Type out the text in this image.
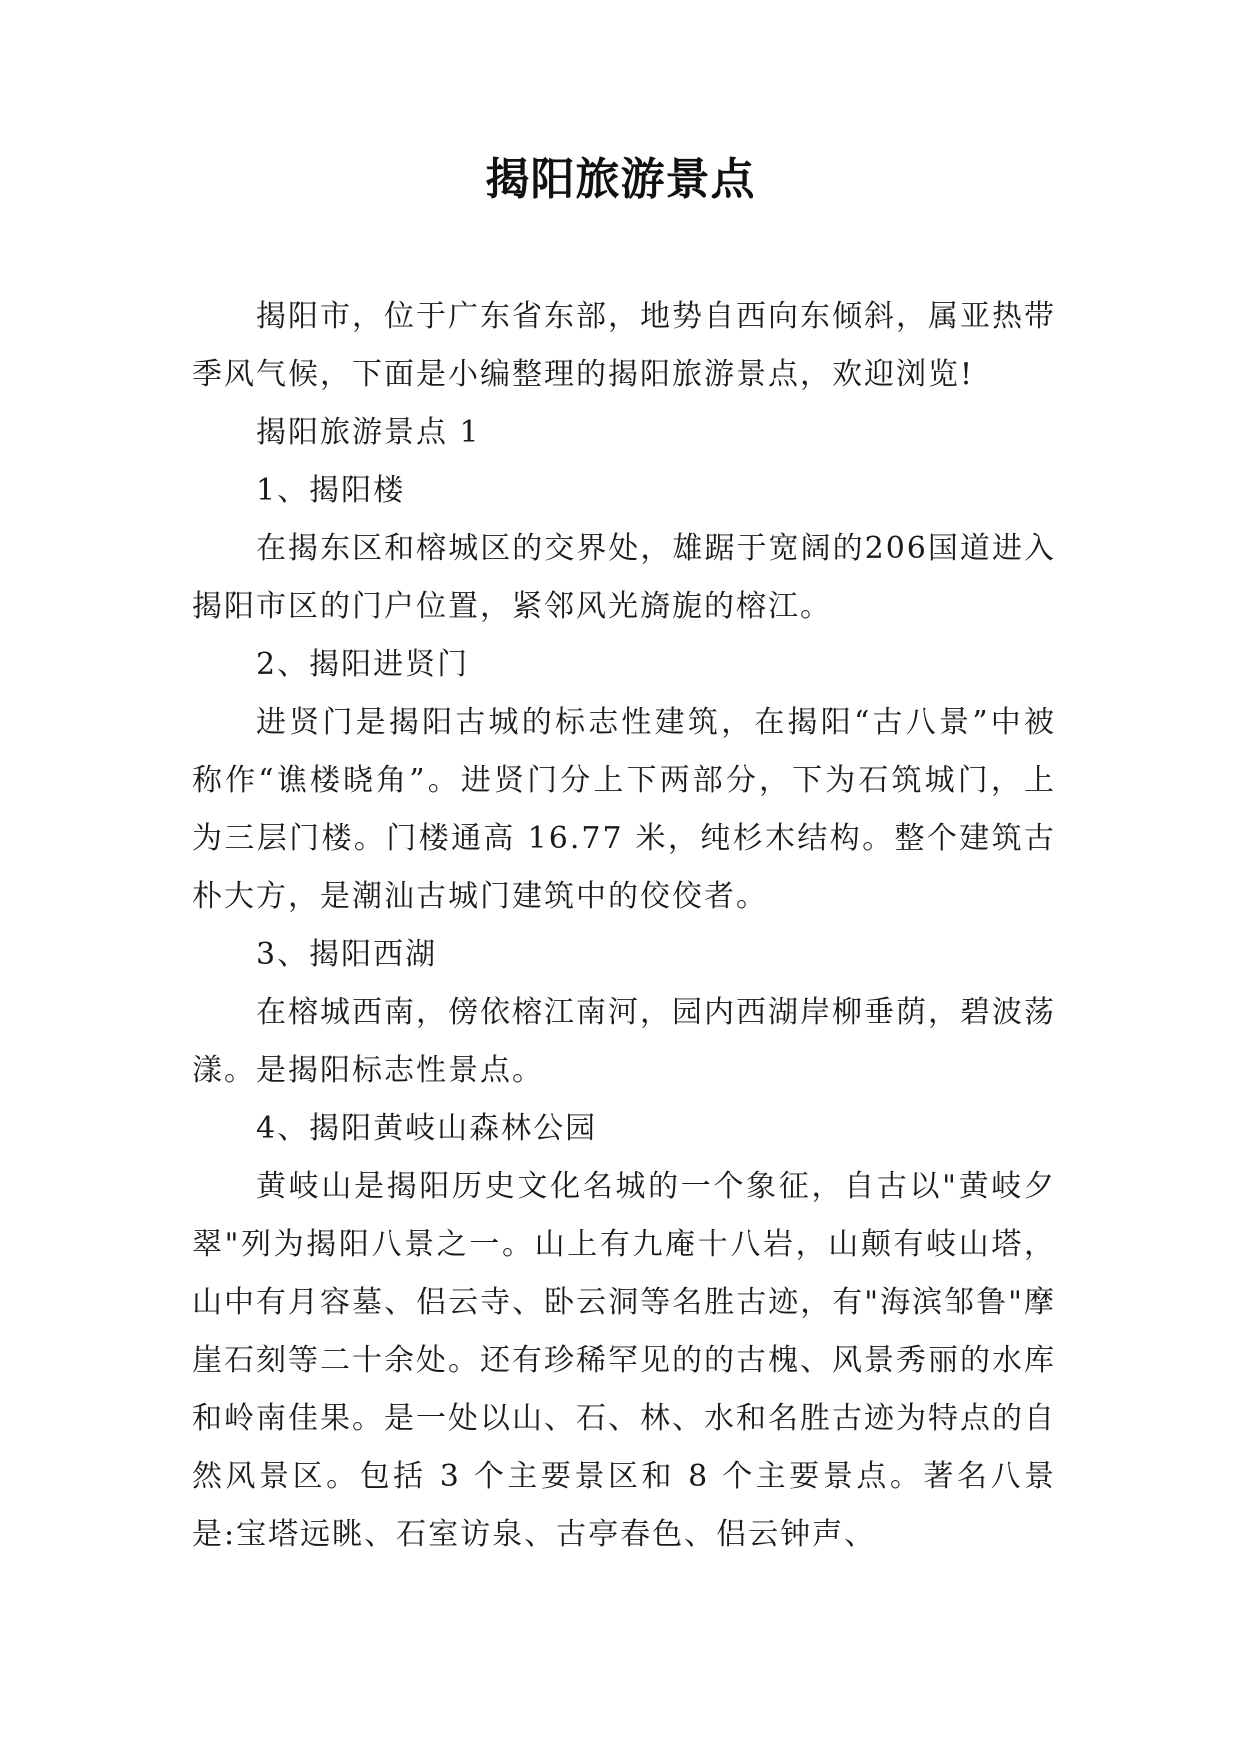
揭阳旅游景点

揭阳市，位于广东省东部，地势自西向东倾斜，属亚热带季风气候，下面是小编整理的揭阳旅游景点，欢迎浏览!

揭阳旅游景点 1

1、揭阳楼

在揭东区和榕城区的交界处，雄踞于宽阔的206国道进入揭阳市区的门户位置，紧邻风光旖旎的榕江。

2、揭阳进贤门

进贤门是揭阳古城的标志性建筑，在揭阳“古八景”中被称作“谯楼晓角”。进贤门分上下两部分，下为石筑城门，上为三层门楼。门楼通高 16.77 米，纯杉木结构。整个建筑古朴大方，是潮汕古城门建筑中的佼佼者。

3、揭阳西湖

在榕城西南，傍依榕江南河，园内西湖岸柳垂荫，碧波荡漾。是揭阳标志性景点。

4、揭阳黄岐山森林公园

黄岐山是揭阳历史文化名城的一个象征，自古以"黄岐夕翠"列为揭阳八景之一。山上有九庵十八岩，山颠有岐山塔，山中有月容墓、侣云寺、卧云洞等名胜古迹，有"海滨邹鲁"摩崖石刻等二十余处。还有珍稀罕见的的古槐、风景秀丽的水库和岭南佳果。是一处以山、石、林、水和名胜古迹为特点的自然风景区。包括 3 个主要景区和 8 个主要景点。著名八景是:宝塔远眺、石室访泉、古亭春色、侣云钟声、
